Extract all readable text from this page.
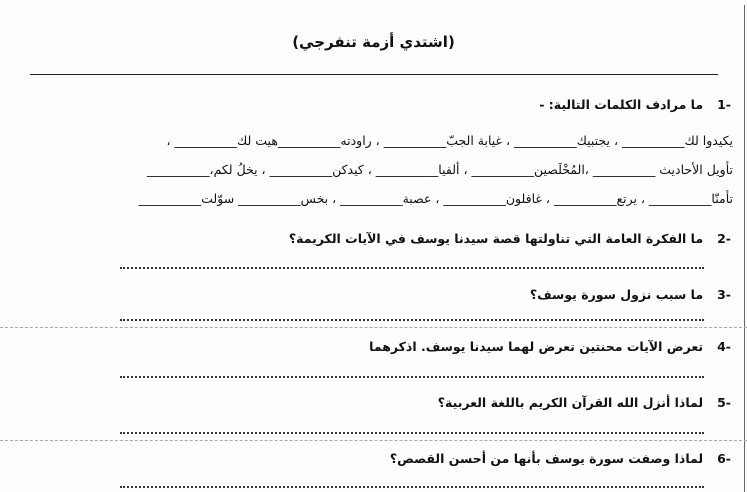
(اشتدي أزمة تنفرجي)
-1 ما مرادف الكلمات التالية: -
يكيدوا لك__________ ، يجتبيك__________ ، غيابة الجبّ__________ ، راودته__________هيت لك__________ ،
تأويل الأحاديث __________ ،المُخْلَصين__________ ، ألفيا__________ ، كيدكن__________ ، يخلُ لكم،__________
تأمنّا__________ ، يرتع__________ ، غافلون__________ ، عصبة__________ ، بخس__________ سوّلت__________
-2 ما الفكرة العامة التي تناولتها قصة سيدنا يوسف في الآيات الكريمة؟
-3 ما سبب نزول سورة يوسف؟
-4 تعرض الآيات محنتين تعرض لهما سيدنا يوسف. اذكرهما
-5 لماذا أنزل الله القرآن الكريم باللغة العربية؟
-6 لماذا وصفت سورة يوسف بأنها من أحسن القصص؟
